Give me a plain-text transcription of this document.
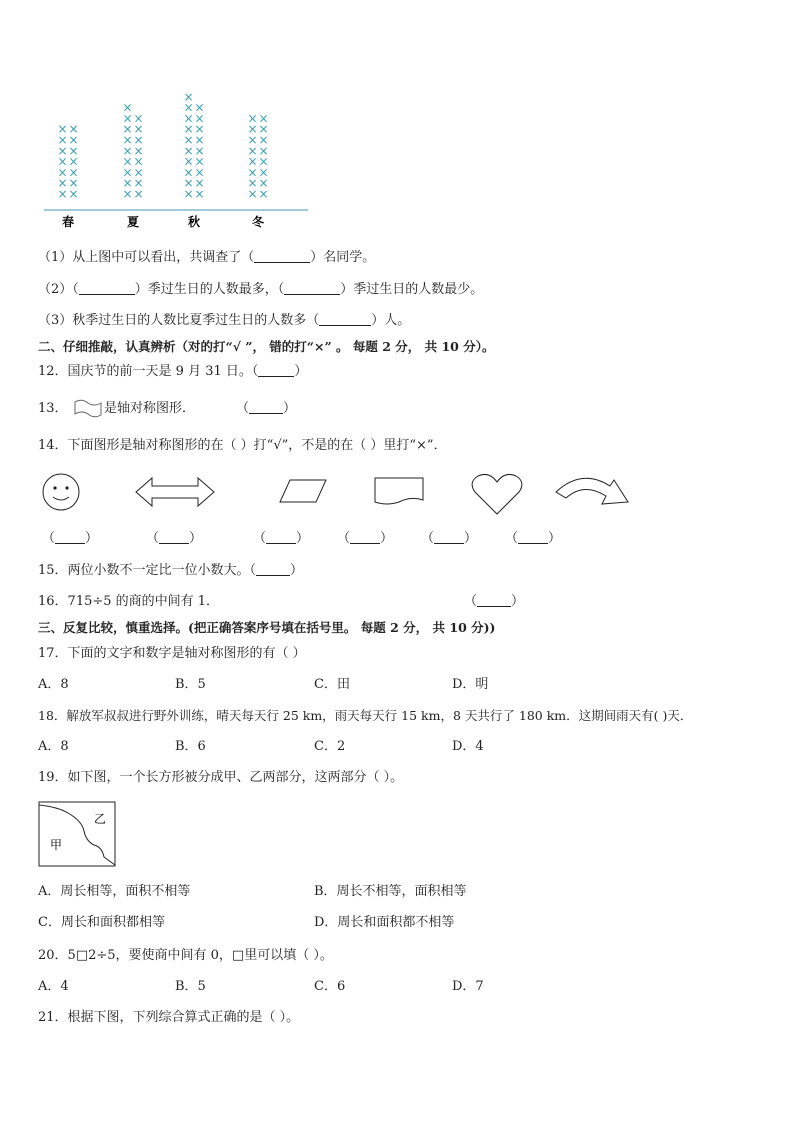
×
×
×
×
×
×
×
×
×
×
×
×
×
×
×
×
×
×
×
×
×
×
×
×
×
×
×
×
×
×
×
×
×
×
×
×
×
×
×
×
×
×
×
×
×
×
×
×
×
×
×
×
×
×
×
×
×
×
×
×
×
×
×
×
×
×
春	夏	秋	冬
（1）从上图中可以看出，共调查了（	）名同学。
（2）（	）季过生日的人数最多，（	）季过生日的人数最少。
（3）秋季过生日的人数比夏季过生日的人数多（	）人。
二、仔细推敲，认真辨析（对的打“√ ”， 错的打“×” 。 每题 2 分， 共 10 分）。
12．国庆节的前一天是 9 月 31 日。（	）
13．	是轴对称图形．	（	）
14．下面图形是轴对称图形的在（ ）打“√”，不是的在（ ）里打“×”．
（ ）	（ ）	（ ） （ ） （ ） （ ）
15．两位小数不一定比一位小数大。（	）
16．715÷5 的商的中间有 1．	（	）
三、反复比较，慎重选择。(把正确答案序号填在括号里。 每题 2 分， 共 10 分))
17．下面的文字和数字是轴对称图形的有（ ）
A．8	B．5	C．田	D．明
18．解放军叔叔进行野外训练，晴天每天行 25 km，雨天每天行 15 km，8 天共行了 180 km．这期间雨天有( )天．
A．8	B．6	C．2	D．4
19．如下图，一个长方形被分成甲、乙两部分，这两部分（ ）。
甲
乙
A．周长相等，面积不相等	B．周长不相等，面积相等
C．周长和面积都相等	D．周长和面积都不相等
20．5□2÷5，要使商中间有 0，□里可以填（ ）。
A．4	B．5	C．6	D．7
21．根据下图，下列综合算式正确的是（ ）。
